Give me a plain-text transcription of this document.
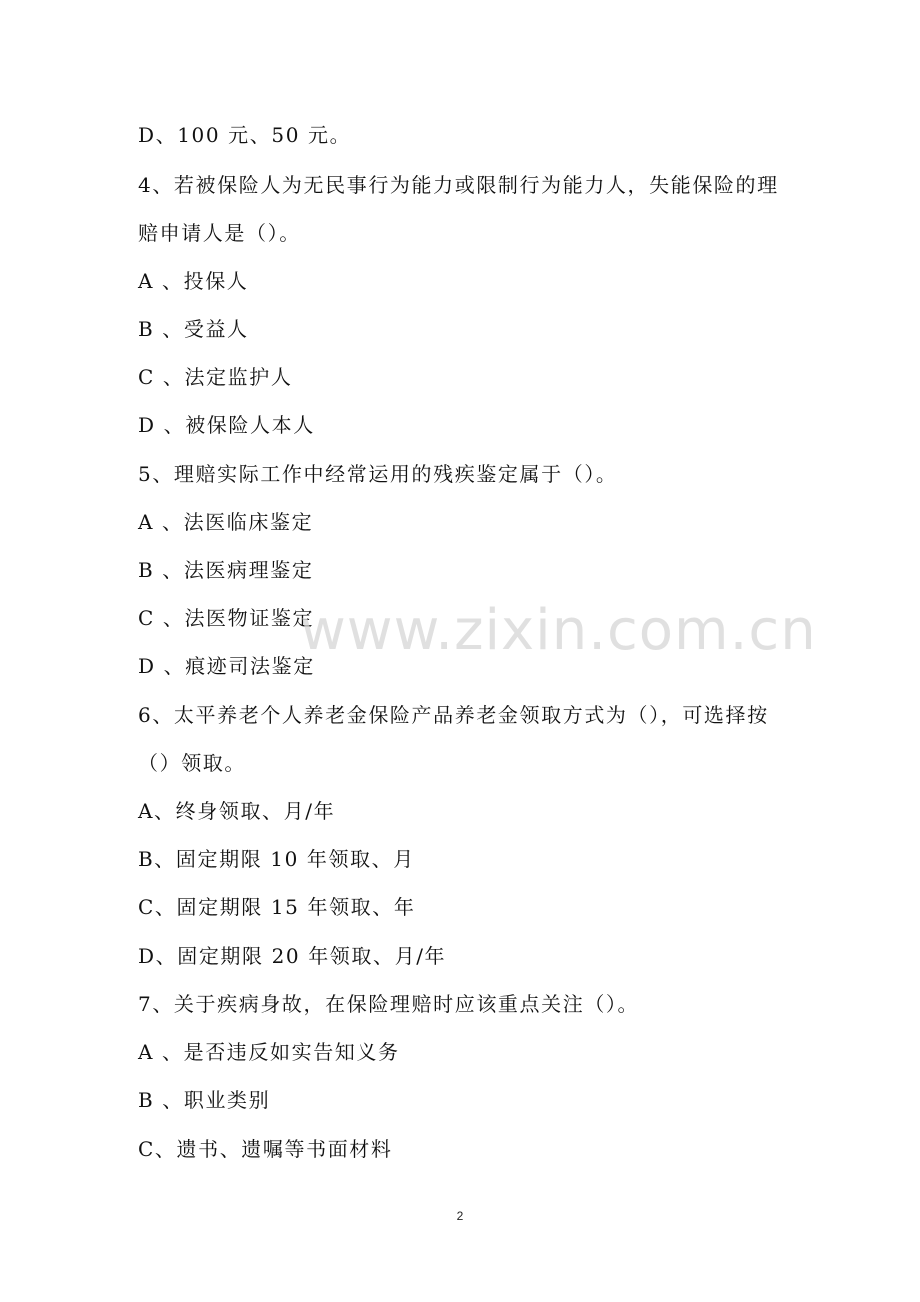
D、100 元、50 元。
4、若被保险人为无民事行为能力或限制行为能力人，失能保险的理
赔申请人是（）。
A 、投保人
B 、受益人
C 、法定监护人
D 、被保险人本人
5、理赔实际工作中经常运用的残疾鉴定属于（）。
A 、法医临床鉴定
B 、法医病理鉴定
C 、法医物证鉴定
D 、痕迹司法鉴定
6、太平养老个人养老金保险产品养老金领取方式为（），可选择按
（）领取。
A、终身领取、月/年
B、固定期限 10 年领取、月
C、固定期限 15 年领取、年
D、固定期限 20 年领取、月/年
7、关于疾病身故，在保险理赔时应该重点关注（）。
A 、是否违反如实告知义务
B 、职业类别
C、遗书、遗嘱等书面材料
www.zixin.com.cn
2
